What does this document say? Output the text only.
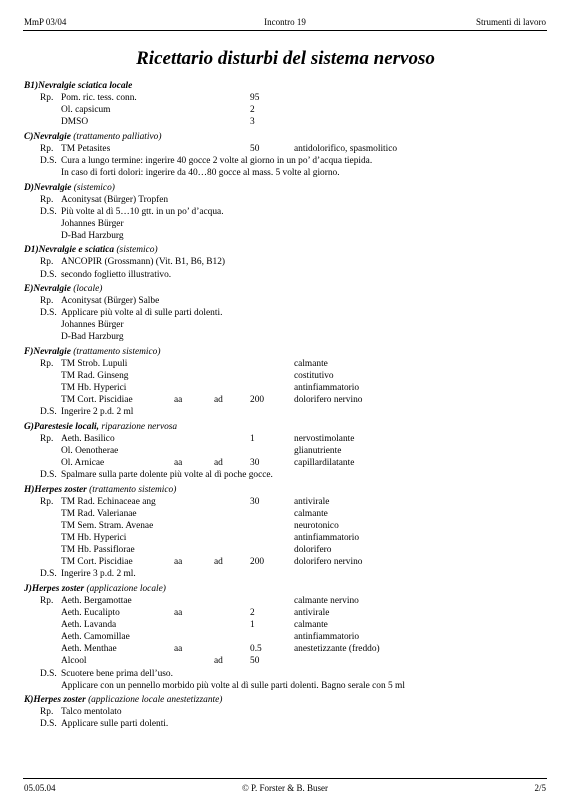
MmP 03/04	Incontro 19	Strumenti di lavoro
Ricettario disturbi del sistema nervoso
B1)Nevralgie sciatica locale
Rp. Pom. ric. tess. conn.	95
Ol. capsicum	2
DMSO	3
C)Nevralgie (trattamento palliativo)
Rp. TM Petasites	50	antidolorifico, spasmolitico
D.S. Cura a lungo termine: ingerire 40 gocce 2 volte al giorno in un po’ d’acqua tiepida.
In caso di forti dolori: ingerire da 40…80 gocce al mass. 5 volte al giorno.
D)Nevralgie (sistemico)
Rp. Aconitysat (Bürger) Tropfen
D.S. Più volte al dì 5…10 gtt. in un po’ d’acqua.
Johannes Bürger
D-Bad Harzburg
D1)Nevralgie e sciatica (sistemico)
Rp. ANCOPIR (Grossmann) (Vit. B1, B6, B12)
D.S. secondo foglietto illustrativo.
E)Nevralgie (locale)
Rp. Aconitysat (Bürger) Salbe
D.S. Applicare più volte al dì sulle parti dolenti.
Johannes Bürger
D-Bad Harzburg
F)Nevralgie (trattamento sistemico)
Rp. TM Strob. Lupuli	calmante
TM Rad. Ginseng	costitutivo
TM Hb. Hyperici	antinfiammatorio
TM Cort. Piscidiae	aa	ad	200	dolorifero nervino
D.S. Ingerire 2 p.d. 2 ml
G)Parestesie locali, riparazione nervosa
Rp. Aeth. Basilico	1	nervostimolante
Ol. Oenotherae	glianutriente
Ol. Arnicae	aa	ad	30	capillardilatante
D.S. Spalmare sulla parte dolente più volte al dì poche gocce.
H)Herpes zoster (trattamento sistemico)
Rp. TM Rad. Echinaceae ang	30	antivirale
TM Rad. Valerianae	calmante
TM Sem. Stram. Avenae	neurotonico
TM Hb. Hyperici	antinfiammatorio
TM Hb. Passiflorae	dolorifero
TM Cort. Piscidiae	aa	ad	200	dolorifero nervino
D.S. Ingerire 3 p.d. 2 ml.
J)Herpes zoster (applicazione locale)
Rp. Aeth. Bergamottae	calmante nervino
Aeth. Eucalipto	aa	2	antivirale
Aeth. Lavanda	1	calmante
Aeth. Camomillae	antinfiammatorio
Aeth. Menthae	aa	0.5	anestetizzante (freddo)
Alcool	ad	50
D.S. Scuotere bene prima dell’uso.
Applicare con un pennello morbido più volte al dì sulle parti dolenti. Bagno serale con 5 ml
K)Herpes zoster (applicazione locale anestetizzante)
Rp. Talco mentolato
D.S. Applicare sulle parti dolenti.
05.05.04	© P. Forster & B. Buser	2/5
